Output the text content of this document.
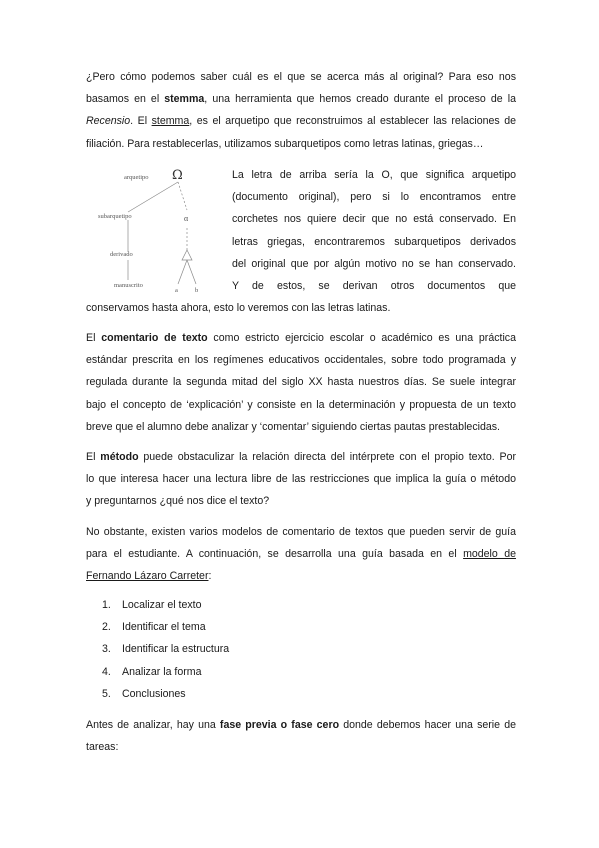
¿Pero cómo podemos saber cuál es el que se acerca más al original? Para eso nos
basamos en el stemma, una herramienta que hemos creado durante el proceso de la
Recensio. El stemma, es el arquetipo que reconstruimos al establecer las relaciones de
filiación. Para restablecerlas, utilizamos subarquetipos como letras latinas, griegas…

arquetipo Ω
subarquetipo	α
derivado
manuscrito
a	b
La letra de arriba sería la O, que significa arquetipo
(documento original), pero si lo encontramos entre
corchetes nos quiere decir que no está conservado. En
letras griegas, encontraremos subarquetipos derivados
del original que por algún motivo no se han conservado.
Y de estos, se derivan otros documentos que

conservamos hasta ahora, esto lo veremos con las letras latinas.

El comentario de texto como estricto ejercicio escolar o académico es una práctica
estándar prescrita en los regímenes educativos occidentales, sobre todo programada y
regulada durante la segunda mitad del siglo XX hasta nuestros días. Se suele integrar
bajo el concepto de ‘explicación’ y consiste en la determinación y propuesta de un texto
breve que el alumno debe analizar y ‘comentar’ siguiendo ciertas pautas prestablecidas.

El método puede obstaculizar la relación directa del intérprete con el propio texto. Por
lo que interesa hacer una lectura libre de las restricciones que implica la guía o método
y preguntarnos ¿qué nos dice el texto?

No obstante, existen varios modelos de comentario de textos que pueden servir de guía
para el estudiante. A continuación, se desarrolla una guía basada en el modelo de
Fernando Lázaro Carreter:

1. Localizar el texto
2. Identificar el tema
3. Identificar la estructura
4. Analizar la forma
5. Conclusiones

Antes de analizar, hay una fase previa o fase cero donde debemos hacer una serie de
tareas:
